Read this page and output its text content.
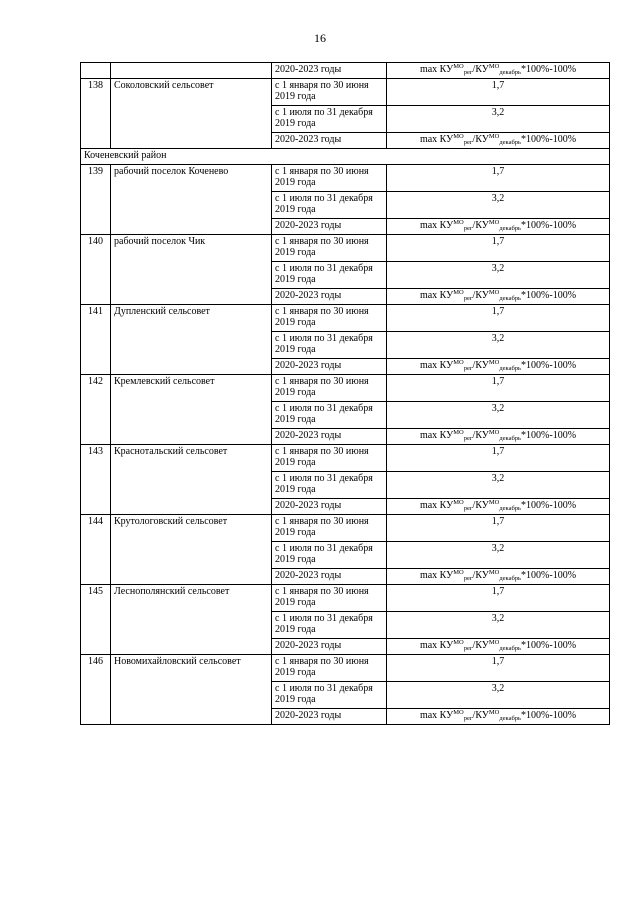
16
		2020-2023 годы	$\max КУ^{МО}_{рег}/КУ^{МО}_{декабрь}*100\%-100\%$
138	Соколовский сельсовет	с 1 января по 30 июня 2019 года	1,7
		с 1 июля по 31 декабря 2019 года	3,2
		2020-2023 годы	$\max КУ^{МО}_{рег}/КУ^{МО}_{декабрь}*100\%-100\%$
Коченевский район			
139	рабочий поселок Коченево	с 1 января по 30 июня 2019 года	1,7
		с 1 июля по 31 декабря 2019 года	3,2
		2020-2023 годы	$\max КУ^{МО}_{рег}/КУ^{МО}_{декабрь}*100\%-100\%$
140	рабочий поселок Чик	с 1 января по 30 июня 2019 года	1,7
		с 1 июля по 31 декабря 2019 года	3,2
		2020-2023 годы	$\max КУ^{МО}_{рег}/КУ^{МО}_{декабрь}*100\%-100\%$
141	Дупленский сельсовет	с 1 января по 30 июня 2019 года	1,7
		с 1 июля по 31 декабря 2019 года	3,2
		2020-2023 годы	$\max КУ^{МО}_{рег}/КУ^{МО}_{декабрь}*100\%-100\%$
142	Кремлевский сельсовет	с 1 января по 30 июня 2019 года	1,7
		с 1 июля по 31 декабря 2019 года	3,2
		2020-2023 годы	$\max КУ^{МО}_{рег}/КУ^{МО}_{декабрь}*100\%-100\%$
143	Краснотальский сельсовет	с 1 января по 30 июня 2019 года	1,7
		с 1 июля по 31 декабря 2019 года	3,2
		2020-2023 годы	$\max КУ^{МО}_{рег}/КУ^{МО}_{декабрь}*100\%-100\%$
144	Крутологовский сельсовет	с 1 января по 30 июня 2019 года	1,7
		с 1 июля по 31 декабря 2019 года	3,2
		2020-2023 годы	$\max КУ^{МО}_{рег}/КУ^{МО}_{декабрь}*100\%-100\%$
145	Леснополянский сельсовет	с 1 января по 30 июня 2019 года	1,7
		с 1 июля по 31 декабря 2019 года	3,2
		2020-2023 годы	$\max КУ^{МО}_{рег}/КУ^{МО}_{декабрь}*100\%-100\%$
146	Новомихайловский сельсовет	с 1 января по 30 июня 2019 года	1,7
		с 1 июля по 31 декабря 2019 года	3,2
		2020-2023 годы	$\max КУ^{МО}_{рег}/КУ^{МО}_{декабрь}*100\%-100\%$
